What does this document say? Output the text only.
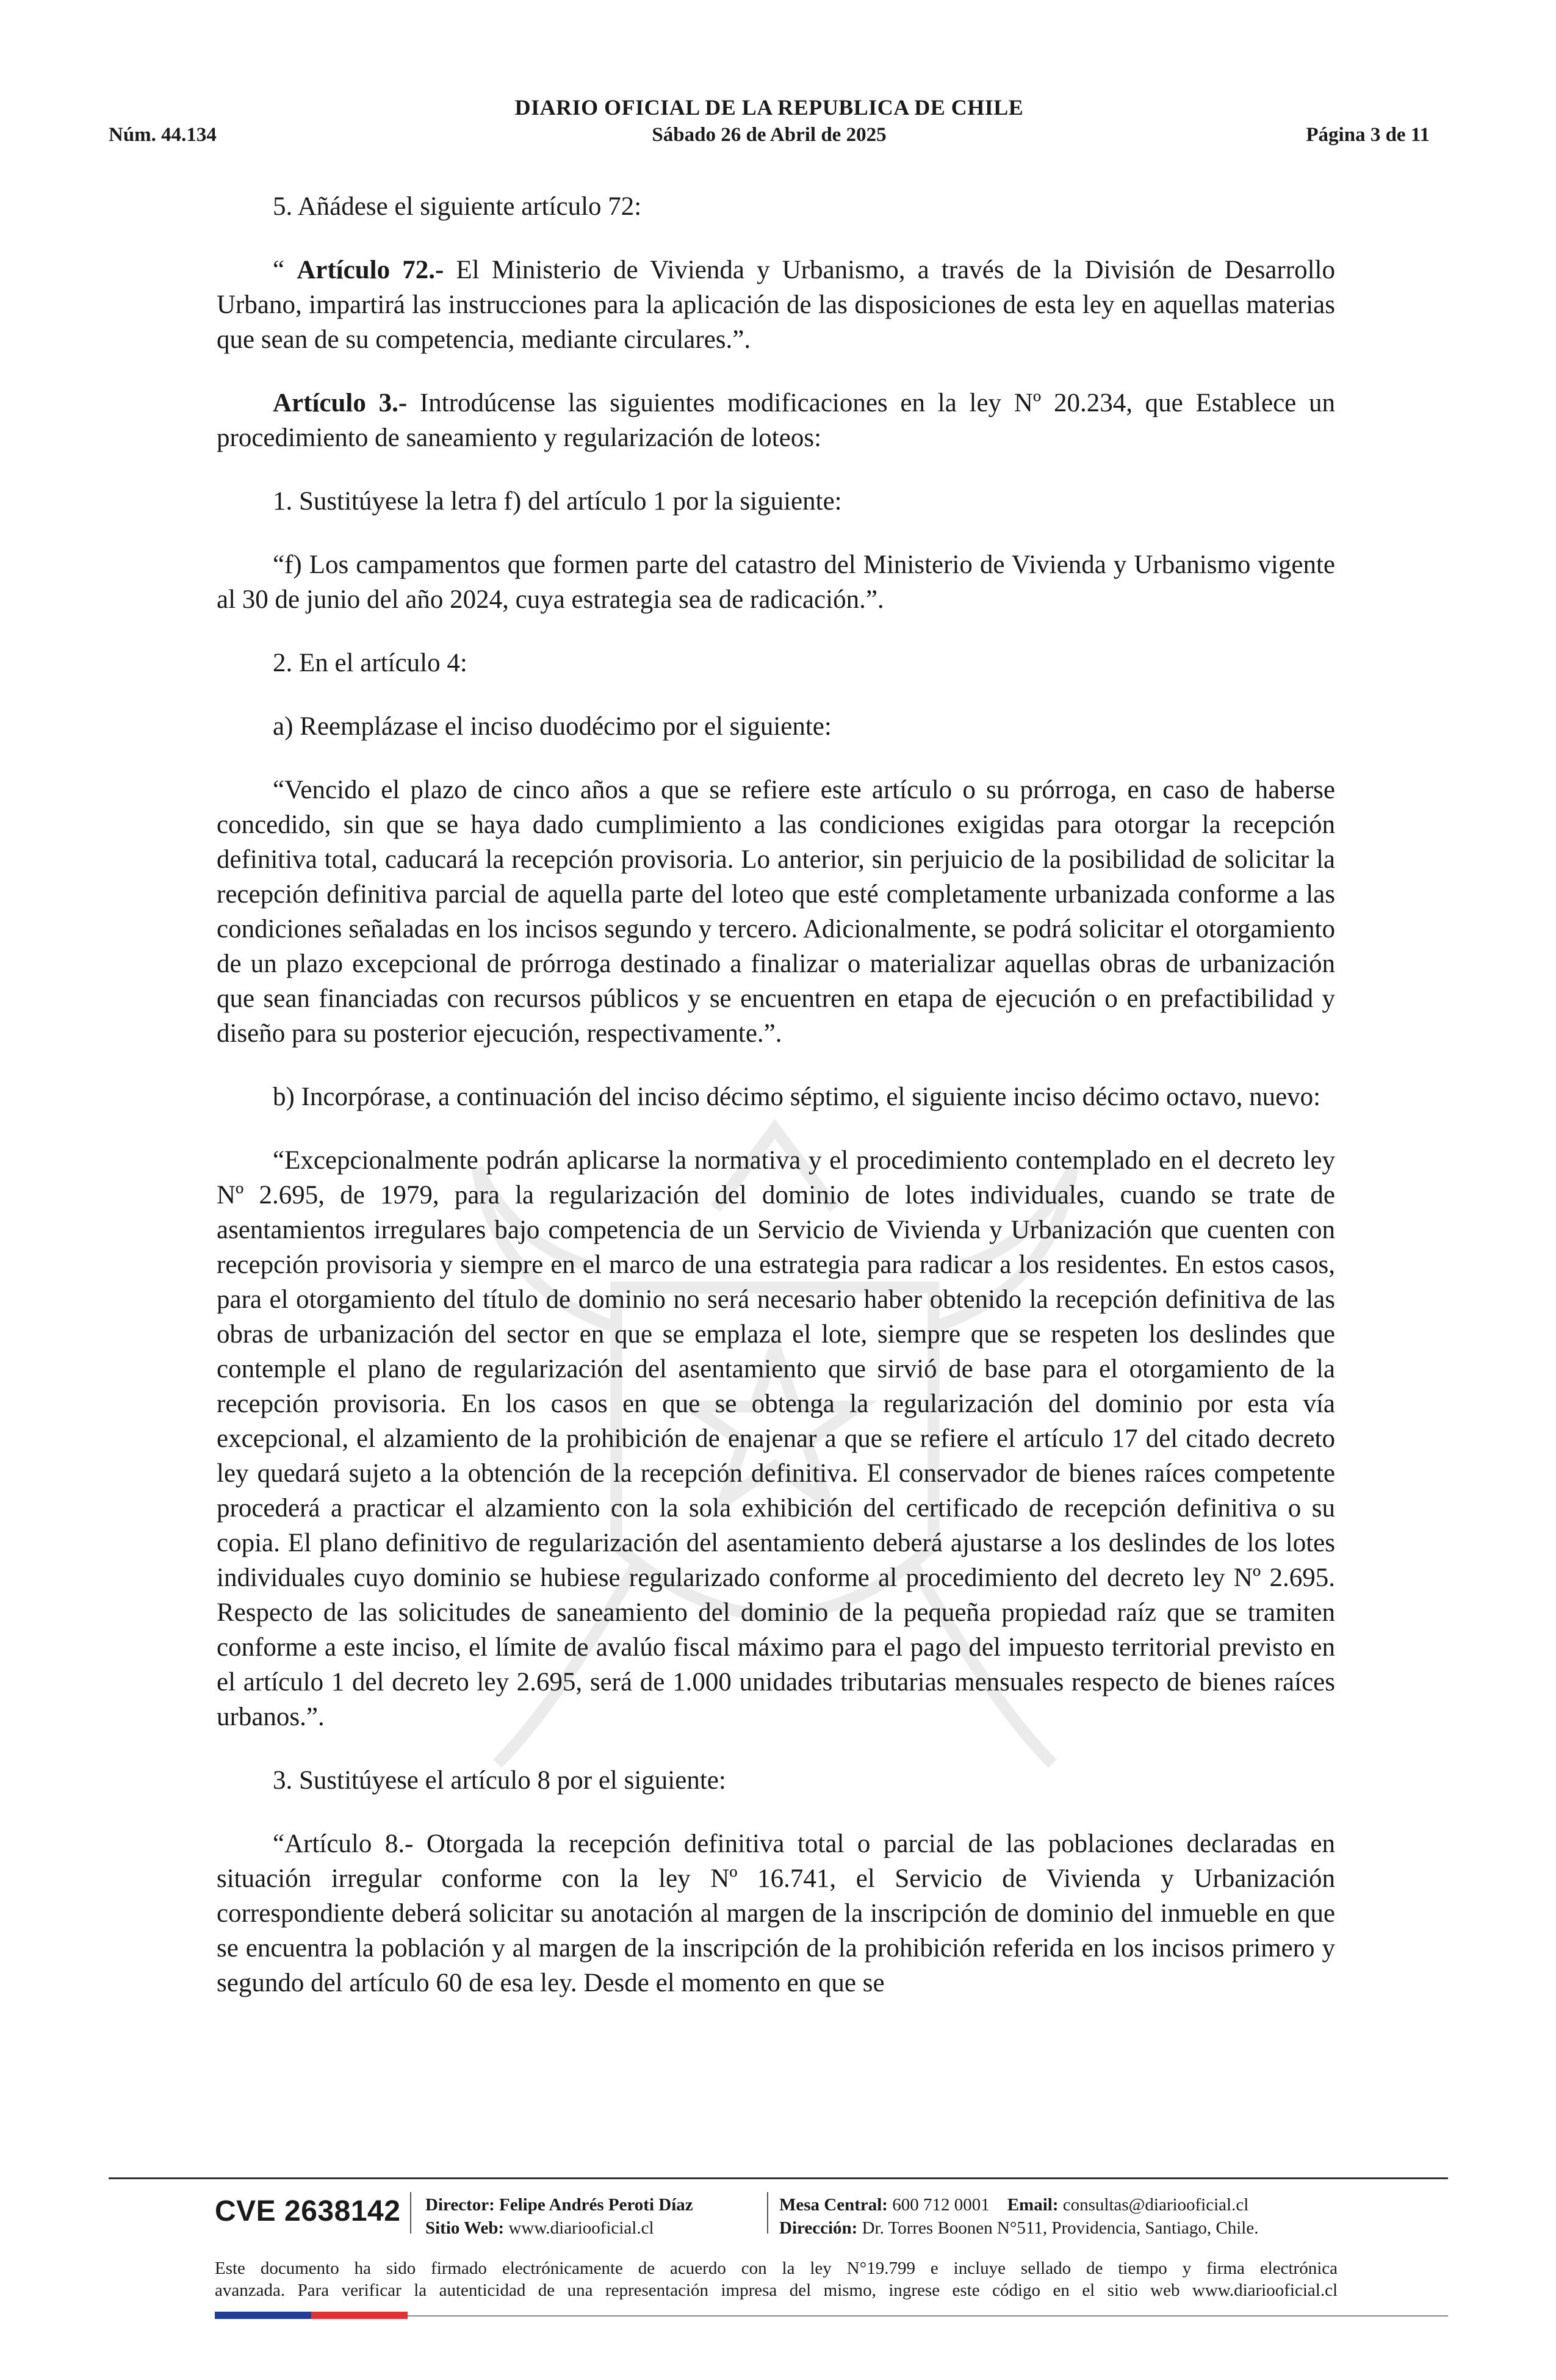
DIARIO OFICIAL DE LA REPUBLICA DE CHILE
Núm. 44.134	Sábado 26 de Abril de 2025	Página 3 de 11

5. Añádese el siguiente artículo 72:

“ Artículo 72.- El Ministerio de Vivienda y Urbanismo, a través de la División de Desarrollo Urbano, impartirá las instrucciones para la aplicación de las disposiciones de esta ley en aquellas materias que sean de su competencia, mediante circulares.”.

Artículo 3.- Introdúcense las siguientes modificaciones en la ley Nº 20.234, que Establece un procedimiento de saneamiento y regularización de loteos:

1. Sustitúyese la letra f) del artículo 1 por la siguiente:

“f) Los campamentos que formen parte del catastro del Ministerio de Vivienda y Urbanismo vigente al 30 de junio del año 2024, cuya estrategia sea de radicación.”.

2. En el artículo 4:

a) Reemplázase el inciso duodécimo por el siguiente:

“Vencido el plazo de cinco años a que se refiere este artículo o su prórroga, en caso de haberse concedido, sin que se haya dado cumplimiento a las condiciones exigidas para otorgar la recepción definitiva total, caducará la recepción provisoria. Lo anterior, sin perjuicio de la posibilidad de solicitar la recepción definitiva parcial de aquella parte del loteo que esté completamente urbanizada conforme a las condiciones señaladas en los incisos segundo y tercero. Adicionalmente, se podrá solicitar el otorgamiento de un plazo excepcional de prórroga destinado a finalizar o materializar aquellas obras de urbanización que sean financiadas con recursos públicos y se encuentren en etapa de ejecución o en prefactibilidad y diseño para su posterior ejecución, respectivamente.”.

b) Incorpórase, a continuación del inciso décimo séptimo, el siguiente inciso décimo octavo, nuevo:

“Excepcionalmente podrán aplicarse la normativa y el procedimiento contemplado en el decreto ley Nº 2.695, de 1979, para la regularización del dominio de lotes individuales, cuando se trate de asentamientos irregulares bajo competencia de un Servicio de Vivienda y Urbanización que cuenten con recepción provisoria y siempre en el marco de una estrategia para radicar a los residentes. En estos casos, para el otorgamiento del título de dominio no será necesario haber obtenido la recepción definitiva de las obras de urbanización del sector en que se emplaza el lote, siempre que se respeten los deslindes que contemple el plano de regularización del asentamiento que sirvió de base para el otorgamiento de la recepción provisoria. En los casos en que se obtenga la regularización del dominio por esta vía excepcional, el alzamiento de la prohibición de enajenar a que se refiere el artículo 17 del citado decreto ley quedará sujeto a la obtención de la recepción definitiva. El conservador de bienes raíces competente procederá a practicar el alzamiento con la sola exhibición del certificado de recepción definitiva o su copia. El plano definitivo de regularización del asentamiento deberá ajustarse a los deslindes de los lotes individuales cuyo dominio se hubiese regularizado conforme al procedimiento del decreto ley Nº 2.695. Respecto de las solicitudes de saneamiento del dominio de la pequeña propiedad raíz que se tramiten conforme a este inciso, el límite de avalúo fiscal máximo para el pago del impuesto territorial previsto en el artículo 1 del decreto ley 2.695, será de 1.000 unidades tributarias mensuales respecto de bienes raíces urbanos.”.

3. Sustitúyese el artículo 8 por el siguiente:

“Artículo 8.- Otorgada la recepción definitiva total o parcial de las poblaciones declaradas en situación irregular conforme con la ley Nº 16.741, el Servicio de Vivienda y Urbanización correspondiente deberá solicitar su anotación al margen de la inscripción de dominio del inmueble en que se encuentra la población y al margen de la inscripción de la prohibición referida en los incisos primero y segundo del artículo 60 de esa ley. Desde el momento en que se

CVE 2638142 Director: Felipe Andrés Peroti Díaz
Sitio Web: www.diariooficial.cl
Mesa Central: 600 712 0001 Email: consultas@diariooficial.cl
Dirección: Dr. Torres Boonen N°511, Providencia, Santiago, Chile.
Este documento ha sido firmado electrónicamente de acuerdo con la ley N°19.799 e incluye sellado de tiempo y firma electrónica
avanzada. Para verificar la autenticidad de una representación impresa del mismo, ingrese este código en el sitio web www.diariooficial.cl
